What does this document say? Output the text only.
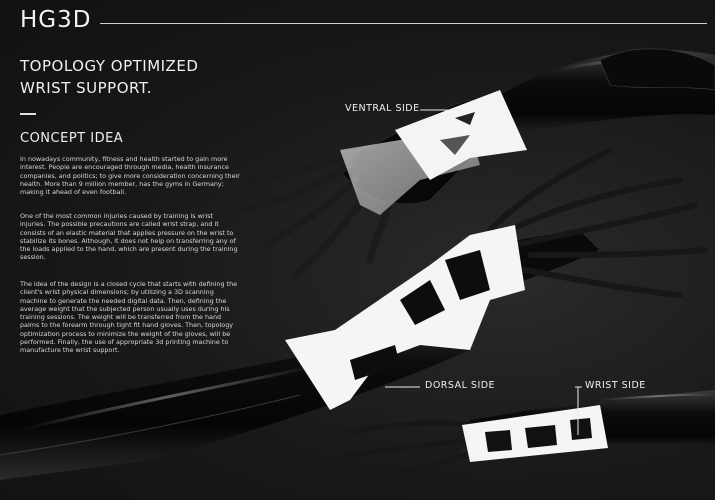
HG3D
TOPOLOGY OPTIMIZED
WRIST SUPPORT.
CONCEPT IDEA

In nowadays community, fitness and health started to gain more interest. People are encouraged through media, health insurance companies, and politics; to give more consideration concerning their health. More than 9 million member, has the gyms in Germany; making it ahead of even football.

One of the most common injuries caused by training is wrist injuries. The possible precautions are called wrist strap, and it consists of an elastic material that applies pressure on the wrist to stabilize its bones. Although, it does not help on transferring any of the loads applied to the hand, which are present during the training session.

The idea of the design is a closed cycle that starts with defining the client's wrist physical dimensions; by utilizing a 3D scanning machine to generate the needed digital data. Then, defining the average weight that the subjected person usually uses during his training sessions. The weight will be transferred from the hand palms to the forearm through tight fit hand gloves. Then, topology optimization process to minimize the weight of the gloves, will be performed. Finally, the use of appropriate 3d printing machine to manufacture the wrist support.

VENTRAL SIDE
DORSAL SIDE	WRIST SIDE
